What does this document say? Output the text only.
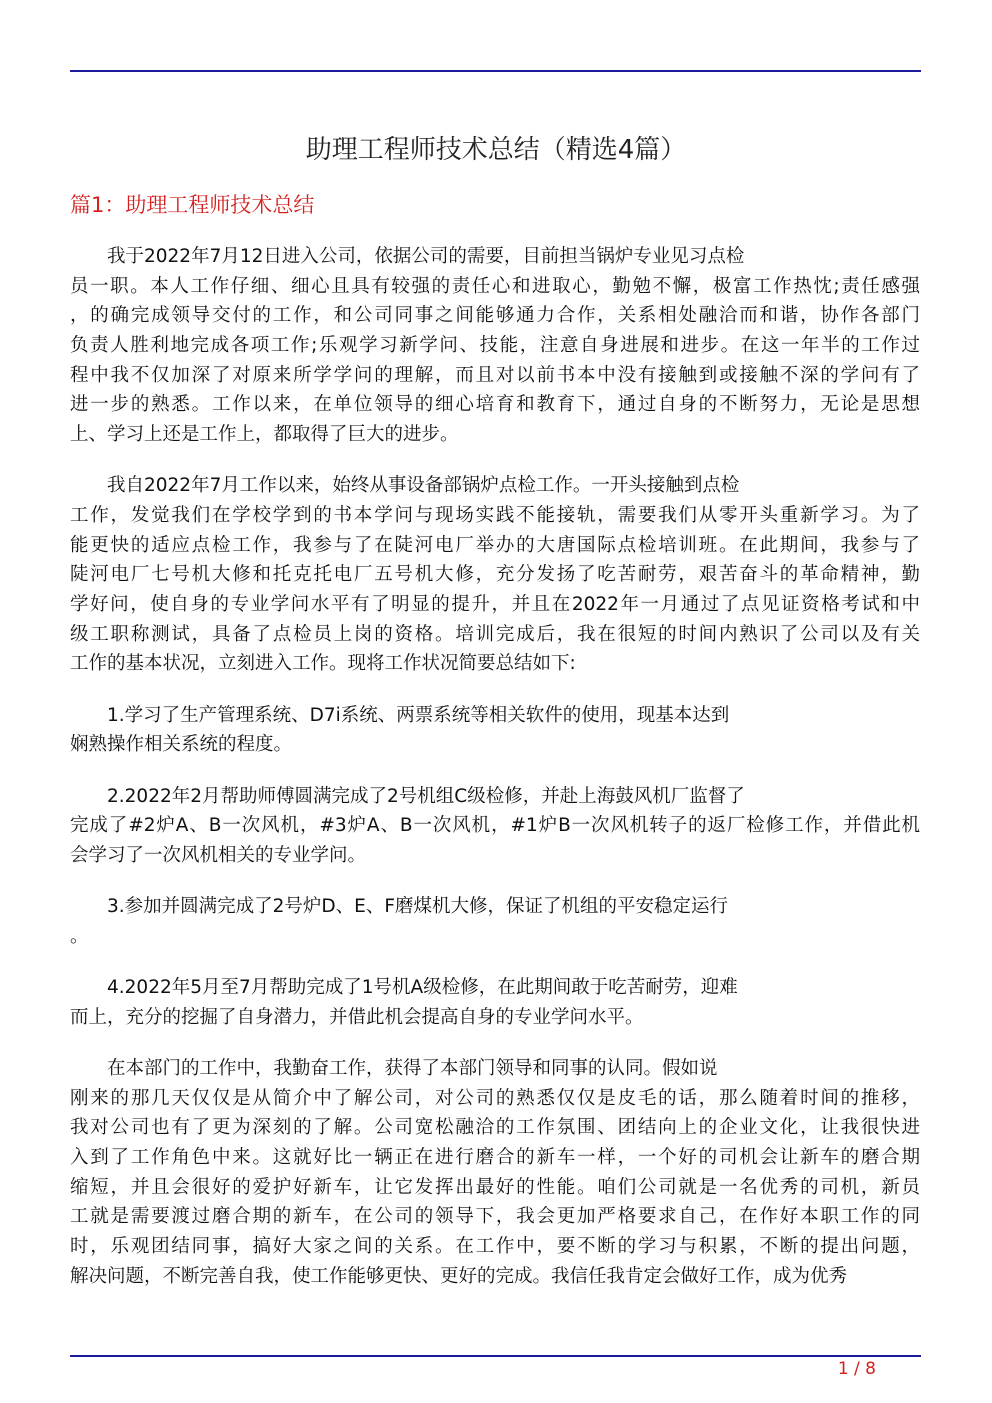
助理工程师技术总结（精选4篇）
篇1：助理工程师技术总结
我于2022年7月12日进入公司，依据公司的需要，目前担当锅炉专业见习点检
员一职。本人工作仔细、细心且具有较强的责任心和进取心，勤勉不懈，极富工作热忱;责任感强
，的确完成领导交付的工作，和公司同事之间能够通力合作，关系相处融洽而和谐，协作各部门
负责人胜利地完成各项工作;乐观学习新学问、技能，注意自身进展和进步。在这一年半的工作过
程中我不仅加深了对原来所学学问的理解，而且对以前书本中没有接触到或接触不深的学问有了
进一步的熟悉。工作以来，在单位领导的细心培育和教育下，通过自身的不断努力，无论是思想
上、学习上还是工作上，都取得了巨大的进步。
我自2022年7月工作以来，始终从事设备部锅炉点检工作。一开头接触到点检
工作，发觉我们在学校学到的书本学问与现场实践不能接轨，需要我们从零开头重新学习。为了
能更快的适应点检工作，我参与了在陡河电厂举办的大唐国际点检培训班。在此期间，我参与了
陡河电厂七号机大修和托克托电厂五号机大修，充分发扬了吃苦耐劳，艰苦奋斗的革命精神，勤
学好问，使自身的专业学问水平有了明显的提升，并且在2022年一月通过了点见证资格考试和中
级工职称测试，具备了点检员上岗的资格。培训完成后，我在很短的时间内熟识了公司以及有关
工作的基本状况，立刻进入工作。现将工作状况简要总结如下:
1.学习了生产管理系统、D7i系统、两票系统等相关软件的使用，现基本达到
娴熟操作相关系统的程度。
2.2022年2月帮助师傅圆满完成了2号机组C级检修，并赴上海鼓风机厂监督了
完成了#2炉A、B一次风机，#3炉A、B一次风机，#1炉B一次风机转子的返厂检修工作，并借此机
会学习了一次风机相关的专业学问。
3.参加并圆满完成了2号炉D、E、F磨煤机大修，保证了机组的平安稳定运行
。
4.2022年5月至7月帮助完成了1号机A级检修，在此期间敢于吃苦耐劳，迎难
而上，充分的挖掘了自身潜力，并借此机会提高自身的专业学问水平。
在本部门的工作中，我勤奋工作，获得了本部门领导和同事的认同。假如说
刚来的那几天仅仅是从简介中了解公司，对公司的熟悉仅仅是皮毛的话，那么随着时间的推移，
我对公司也有了更为深刻的了解。公司宽松融洽的工作氛围、团结向上的企业文化，让我很快进
入到了工作角色中来。这就好比一辆正在进行磨合的新车一样，一个好的司机会让新车的磨合期
缩短，并且会很好的爱护好新车，让它发挥出最好的性能。咱们公司就是一名优秀的司机，新员
工就是需要渡过磨合期的新车，在公司的领导下，我会更加严格要求自己，在作好本职工作的同
时，乐观团结同事，搞好大家之间的关系。在工作中，要不断的学习与积累，不断的提出问题，
解决问题，不断完善自我，使工作能够更快、更好的完成。我信任我肯定会做好工作，成为优秀
1 / 8
